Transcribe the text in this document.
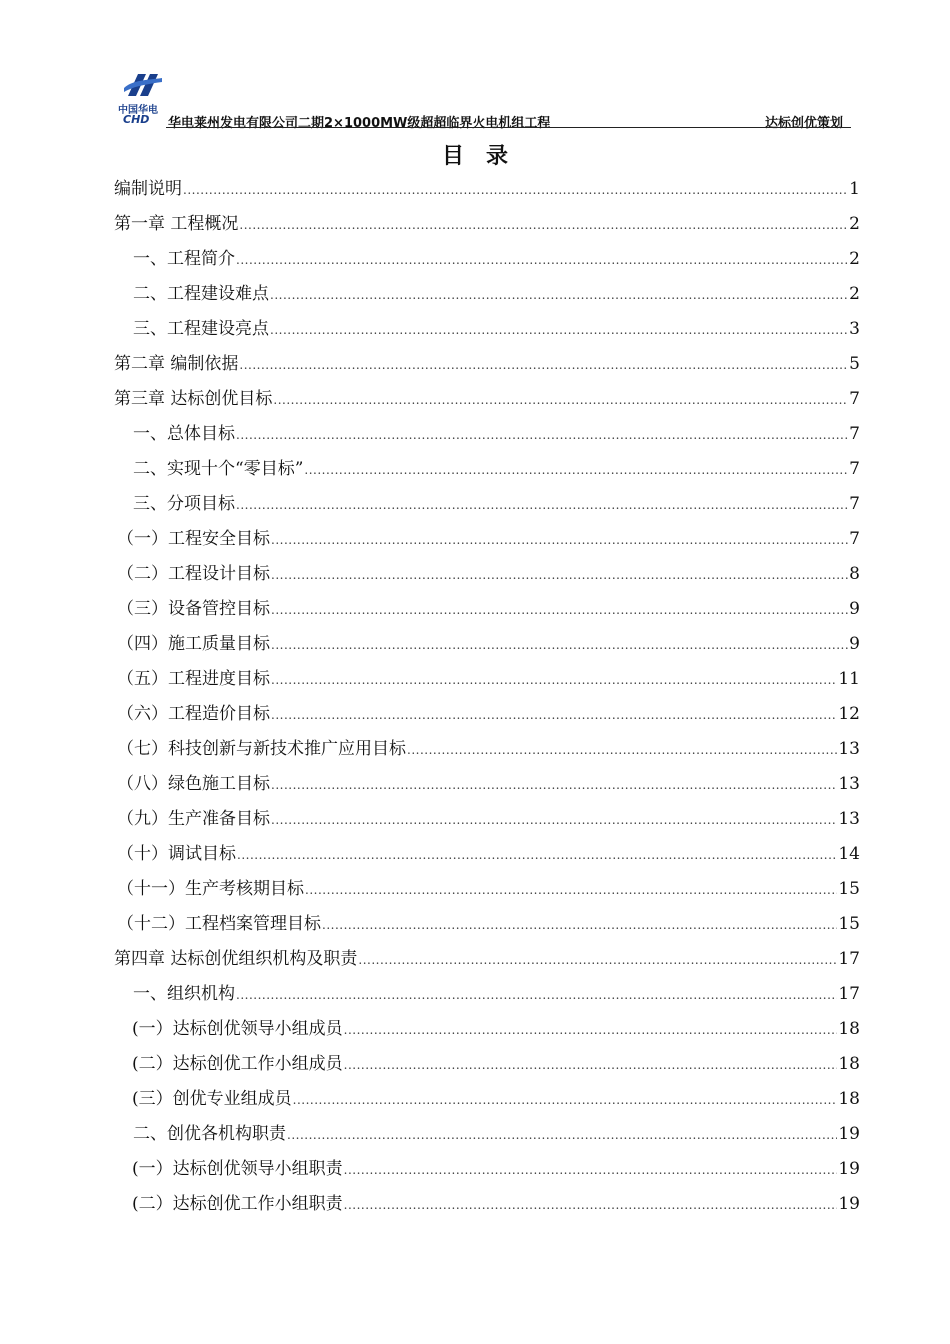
中国华电
CHD 华电莱州发电有限公司二期2×1000MW级超超临界火电机组工程	达标创优策划
目录
编制说明 .....	1
第一章 工程概况 .....	2
一、工程简介 .....	2
二、工程建设难点 .....	2
三、工程建设亮点 .....	3
第二章 编制依据 .....	5
第三章 达标创优目标 .....	7
一、总体目标 .....	7
二、实现十个“零目标” .....	7
三、分项目标 .....	7
（一）工程安全目标 .....	7
（二）工程设计目标 .....	8
（三）设备管控目标 .....	9
（四）施工质量目标 .....	9
（五）工程进度目标 .....	11
（六）工程造价目标 .....	12
（七）科技创新与新技术推广应用目标 .....	13
（八）绿色施工目标 .....	13
（九）生产准备目标 .....	13
（十）调试目标 .....	14
（十一）生产考核期目标 .....	15
（十二）工程档案管理目标 .....	15
第四章 达标创优组织机构及职责 .....	17
一、组织机构 .....	17
(一）达标创优领导小组成员 .....	18
(二）达标创优工作小组成员 .....	18
(三）创优专业组成员 .....	18
二、创优各机构职责 .....	19
(一）达标创优领导小组职责 .....	19
(二）达标创优工作小组职责 .....	19
